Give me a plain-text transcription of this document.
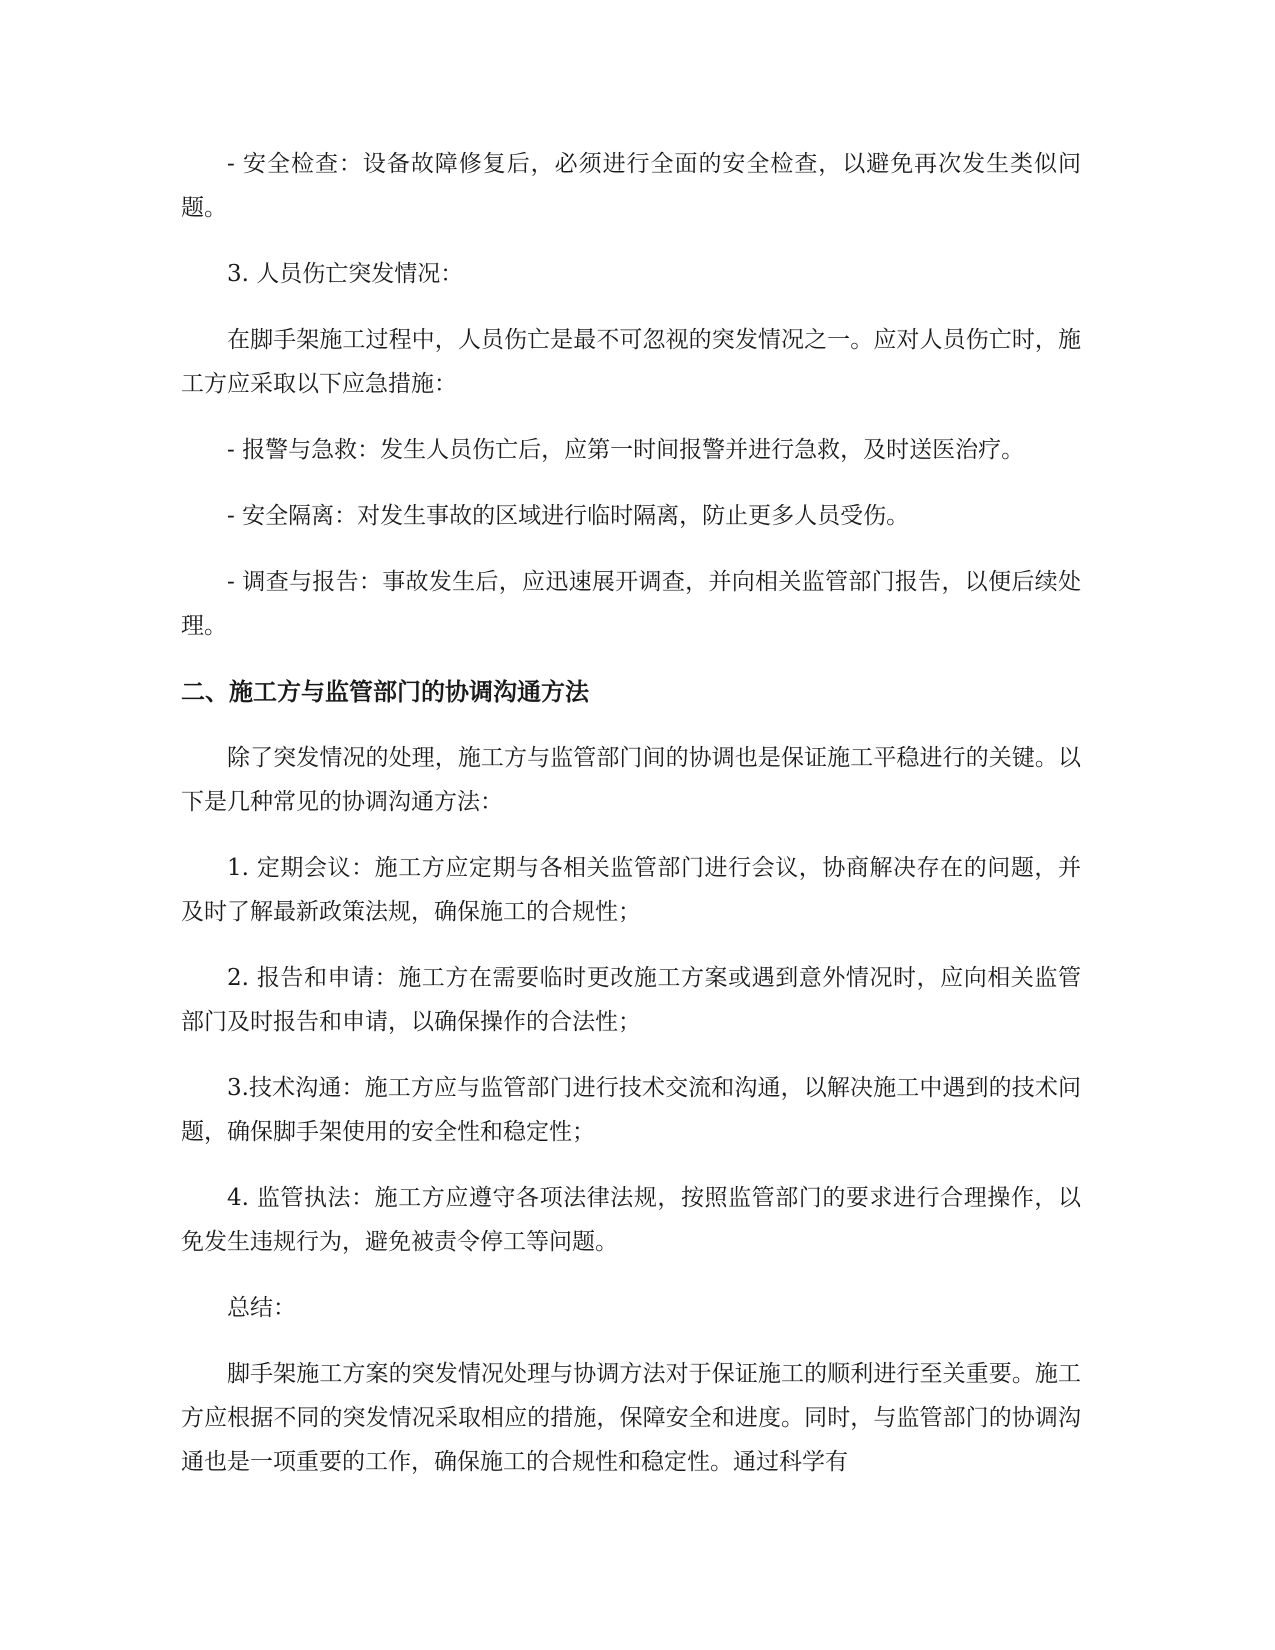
- 安全检查：设备故障修复后，必须进行全面的安全检查，以避免再次发生类似问题。

3. 人员伤亡突发情况：

在脚手架施工过程中，人员伤亡是最不可忽视的突发情况之一。应对人员伤亡时，施工方应采取以下应急措施：

- 报警与急救：发生人员伤亡后，应第一时间报警并进行急救，及时送医治疗。

- 安全隔离：对发生事故的区域进行临时隔离，防止更多人员受伤。

- 调查与报告：事故发生后，应迅速展开调查，并向相关监管部门报告，以便后续处理。

二、施工方与监管部门的协调沟通方法

除了突发情况的处理，施工方与监管部门间的协调也是保证施工平稳进行的关键。以下是几种常见的协调沟通方法：

1. 定期会议：施工方应定期与各相关监管部门进行会议，协商解决存在的问题，并及时了解最新政策法规，确保施工的合规性；

2. 报告和申请：施工方在需要临时更改施工方案或遇到意外情况时，应向相关监管部门及时报告和申请，以确保操作的合法性；

3.技术沟通：施工方应与监管部门进行技术交流和沟通，以解决施工中遇到的技术问题，确保脚手架使用的安全性和稳定性；

4. 监管执法：施工方应遵守各项法律法规，按照监管部门的要求进行合理操作，以免发生违规行为，避免被责令停工等问题。

总结：

脚手架施工方案的突发情况处理与协调方法对于保证施工的顺利进行至关重要。施工方应根据不同的突发情况采取相应的措施，保障安全和进度。同时，与监管部门的协调沟通也是一项重要的工作，确保施工的合规性和稳定性。通过科学有
